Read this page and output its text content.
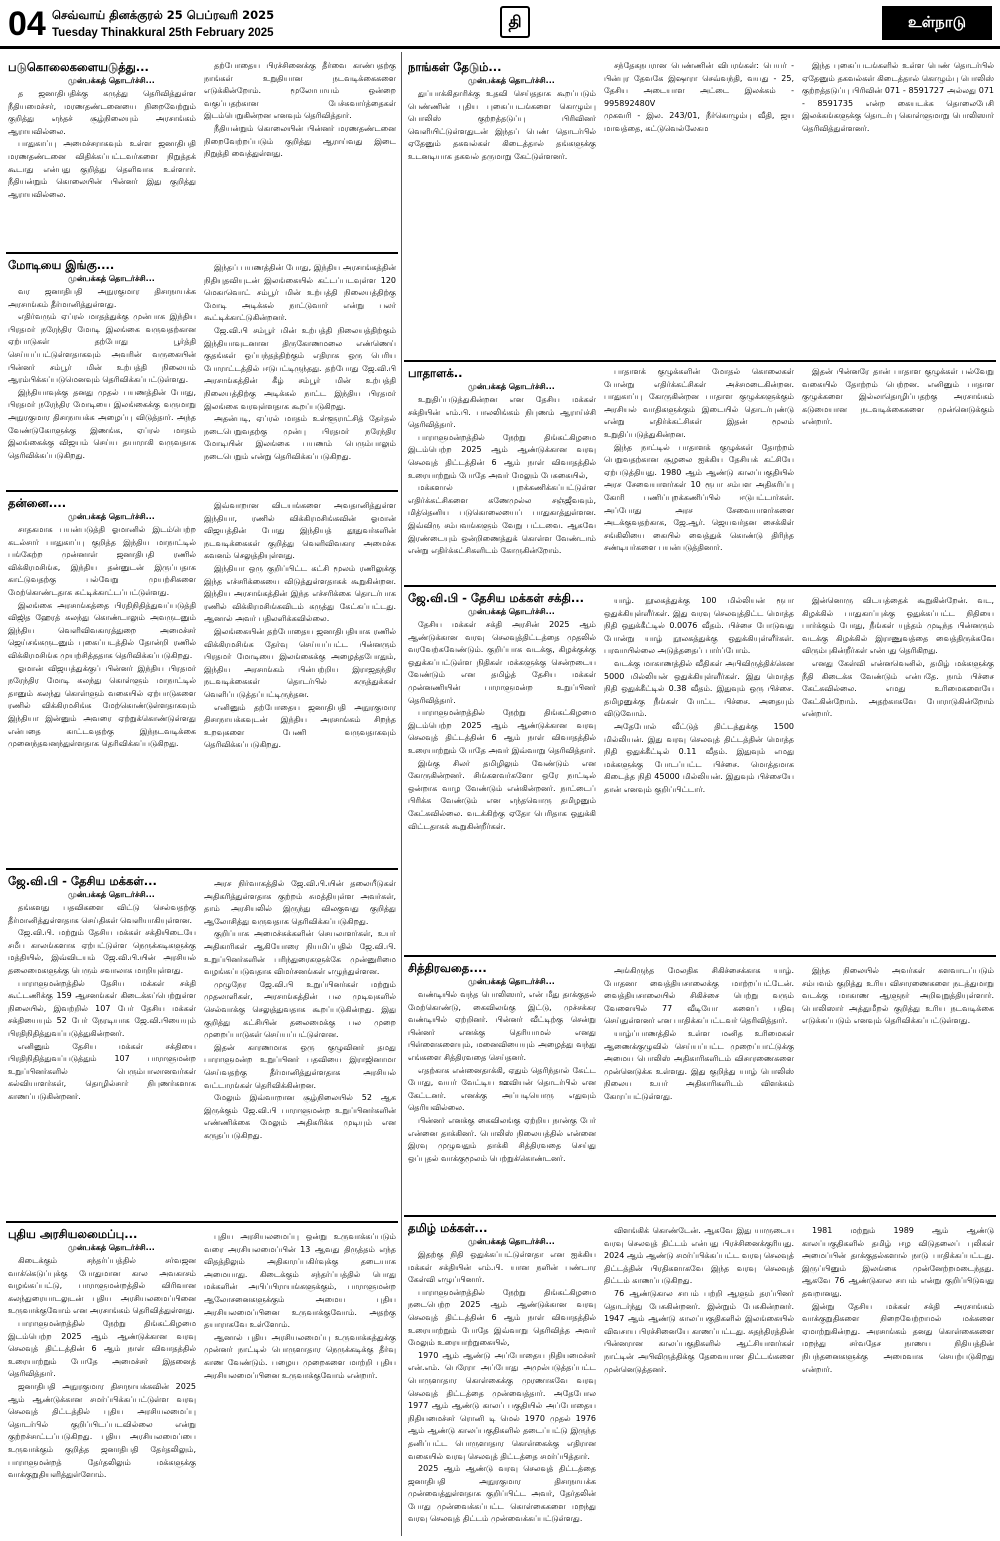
04 செவ்வாய் தினக்குரல் 25 பெப்ரவரி 2025
Tuesday Thinakkural 25th February 2025
தி	உள்நாடு
படுகொலைகளையடுத்து...
முன்பக்கத் தொடர்ச்சி...

த ஜனாதிபதிக்கு கருத்து தெரிவித்துள்ள நீதியமைச்சர், மரணதண்டனையை நிறைவேற்றும் குறித்து எந்தச் சூழ்நிலையும் அரசாங்கம் ஆராயவில்லை.

பாதுகாப்பு அமைச்சராகவும் உள்ள ஜனாதிபதி மரணதண்டனை விதிக்கப்பட்டவர்களை நிறுத்தக் கூடாது என்பது குறித்து தெளிவாக உள்ளார். நீதியன்றும் கொலையின் பின்னர் இது குறித்து ஆராயவில்லை.

தற்போதைய பிரச்சினைக்கு தீர்வை காண்பதற்கு நாங்கள் உறுதியான நடவடிக்கைகளை எடுக்கின்றோம். மூலோபாயம் ஒன்றை வகுப்பதற்கான பேச்சுவார்த்தைகள் இடம்பெறுகின்றன எனவும் தெரிவித்தார்.

நீதியன்றும் கொலையின் பின்னர் மரணதண்டனை நிறைவேற்றப்படும் குறித்து ஆராய்வது இடை நிறுத்தி வைத்துள்ளது.

மோடியை இங்கு....
முன்பக்கத் தொடர்ச்சி...

வர ஜனாதிபதி அநுரகுமார திசாநாயக்க அரசாங்கம் தீர்மானித்துள்ளது.

எதிர்வரும் ஏப்ரல் மாதத்துக்கு முன்பாக இந்திய பிரதமர் நரேந்திர மோடி இலங்கை வருவதற்கான ஏற்பாடுகள் தற்போது பூர்த்தி செய்யப்பட்டுள்ளதாகவும் அவரின் வருகையின் பின்னர் சம்பூர் மின் உற்பத்தி நிலையம் ஆரம்பிக்கப்படுமெனவும் தெரிவிக்கப்பட்டுள்ளது.

இந்தியாவுக்கு தனது முதல் பயணத்தின் போது, பிரதமர் நரேந்திர மோடியை இலங்கைக்கு வருமாறு அநுரகுமார திசாநாயக்க அழைப்பு விடுத்தார். அந்த வேண்டுகோளுக்கு இணங்க, ஏப்ரல் மாதம் இலங்கைக்கு விஜயம் செய்ய தயாராகி வருவதாக தெரிவிக்கப்படுகிறது.

இந்தப் பயணத்தின் போது, இந்திய அரசாங்கத்தின் நிதியுதவியுடன் இலங்கையில் கட்டப்படவுள்ள 120 மெகாவொட் சம்பூர் மின் உற்பத்தி நிலையத்திற்கு மோடி அடிக்கல் நாட்டுவார் என்று பலர் கூட்டிக்காட்டுகின்றனர்.

ஜே.வி.பி சம்பூர் மின் உற்பத்தி நிலையத்திற்கும் இந்தியாவுடனான திருகோணமலை எண்ணெய் குதங்கள் ஒப்பந்தத்திற்கும் எதிராக ஒரு பெரிய போராட்டத்தில் ஈடுபட்டிருந்தது. தற்போது ஜே.வி.பி அரசாங்கத்தின் கீழ் சம்பூர் மின் உற்பத்தி நிலையத்திற்கு அடிக்கல் நாட்ட இந்திய பிரதமர் இலங்கை வரவுள்ளதாக கூறப்படுகிறது.

அதன்படி, ஏப்ரல் மாதம் உள்ளூராட்சித் தேர்தல் நடைபெறுவதற்கு முன்பு பிரதமர் நரேந்திர மோடியின் இலங்கை பயணம் பெரும்பாலும் நடைபெறும் என்று தெரிவிக்கப்படுகிறது.

தன்னை....
முன்பக்கத் தொடர்ச்சி...

சாதகமாக பயன்படுத்தி ஓமானில் இடம்பெற்ற கடல்சார் பாதுகாப்பு குறித்த இந்திய மாநாட்டில் பங்கேற்ற முன்னாள் ஜனாதிபதி ரணில் விக்கிரமசிங்க, இந்திய தன்னுடன் இருப்பதாக காட்டுவதற்கு பல்வேறு முயற்சிகளை மேற்கொண்டதாக சுட்டிக்காட்டப்பட்டுள்ளது.

இலங்கை அரசாங்கத்தை பிரதிநிதித்துவப்படுத்தி விஜித ஹேரத் கலந்து கொண்டாலும் அவருடனும் இந்திய வெளிவிவகாரத்துறை அமைச்சர் ஜெய்சங்கருடனும் புகைப்படத்தில் தோன்றி ரணில் விக்கிரமசிங்க முயற்சித்ததாக தெரிவிக்கப்படுகிறது.

ஓமான் விஜயத்துக்குப் பின்னர் இந்திய பிரதமர் நரேந்திர மோடி கலந்து கொள்ளும் மாநாட்டில் தானும் கலந்து கொள்ளும் வகையில் ஏற்பாடுகளை ரணில் விக்கிரமசிங்க மேற்கொண்டுள்ளதாகவும் இந்தியா இன்னும் அவரை ஏற்றுக்கொண்டுள்ளது என்பதை காட்டவதற்கு இந்நடவடிக்கை முனைந்தவனந்துள்ளதாக தெரிவிக்கப்படுகிறது.

இவ்வாறான விடயங்களை அவதானித்துள்ள இந்தியா, ரணில் விக்கிரமசிங்கவின் ஓமான் விஜயத்தின் போது இந்தியத் தூதுவர்களின் நடவடிக்கைகள் குறித்து வெளிவிவகார அமைச்சு கவனம் செலுத்தியுள்ளது.

இந்தியா ஒரு குறிப்பிட்ட கட்சி மூலம் ரணிலுக்கு இந்த எச்சரிக்கையை விடுத்துள்ளதாகக் கூறுகின்றன. இந்திய அரசாங்கத்தின் இந்த எச்சரிக்கை தொடர்பாக ரணில் விக்கிரமசிங்கவிடம் கருத்து கேட்கப்பட்டது. ஆனால் அவர் பதிலளிக்கவில்லை.

இலங்கையின் தற்போதைய ஜனாதிபதியாக ரணில் விக்கிரமசிங்க தேர்வு செய்யப்பட்ட பின்னரும் பிரதமர் மோடியை இலங்கைக்கு அழைத்தபோதும், இந்திய அரசாங்கம் பின்பற்றிய இராஜதந்திர நடவடிக்கைகள் தொடர்பில் கருத்துக்கள் வெளிப்படுத்தப்பட்டிருந்தன.

எனினும் தற்போதைய ஜனாதிபதி அநுரகுமார திசாநாயக்கவுடன் இந்திய அரசாங்கம் சிறந்த உறவுகளை பேணி வருவதாகவும் தெரிவிக்கப்படுகிறது.

ஜே.வி.பி - தேசிய மக்கள்...
முன்பக்கத் தொடர்ச்சி...

தங்களது பதவிகளை விட்டு செல்வதற்கு தீர்மானித்துள்ளதாக செய்திகள் வெளியாகியுள்ளன.

ஜே.வி.பி. மற்றும் தேசிய மக்கள் சக்தியிடையே சமீப காலங்களாக ஏற்பட்டுள்ள நெருக்கடிகளுக்கு மத்தியில், இவ்விடயம் ஜே.வி.பி.யின் அரசியல் தலைமைகளுக்கு பெரும் சவாலாக மாறியுள்ளது.

பாராளுமன்றத்தில் தேசிய மக்கள் சக்தி கூட்டணிக்கு 159 ஆசனங்கள் கிடைக்கப்பெற்றுள்ள நிலையில், இவற்றில் 107 பேர் தேசிய மக்கள் சக்தியையும் 52 பேர் நேரடியாக ஜே.வி.பியையும் பிரதிநிதித்துவப்படுத்துகின்றனர்.

எனினும் தேசிய மக்கள் சக்தியை பிரதிநிதித்துவப்படுத்தும் 107 பாராளுமன்ற உறுப்பினர்களில் பெரும்பாலானவர்கள் கல்வியாளர்கள், தொழில்சார் நிபுணர்களாக காணப்படுகின்றனர்.

அரச நிர்வாகத்தில் ஜே.வி.பி.யின் தலையீடுகள் அதிகரித்துள்ளதாக குற்றம் சுமத்தியுள்ள அவர்கள், தாம் அரசியலில் இருந்து விலகுவது குறித்து ஆலோசித்து வருவதாக தெரிவிக்கப்படுகிறது.

குறிப்பாக அமைச்சுக்களின் செயலாளர்கள், உயர் அதிகாரிகள் ஆகியோரை நியமிப்பதில் ஜே.வி.பி. உறுப்பினர்களின் பரிந்துரைகளுக்கே முன்னுரிமை வழங்கப்படுவதாக விமர்சனங்கள் எழுந்துள்ளன.

முழுநேர ஜே.வி.பி உறுப்பினர்கள் மற்றும் முதலாளிகள், அரசாங்கத்தின் பல முடிவுகளில் செல்வாக்கு செலுத்துவதாக கூறப்படுகின்றது. இது குறித்து கட்சியின் தலைமைக்கு பல முறை முறைப்பாடுகள் செய்யப்பட்டுள்ளன.

இதன் காரணமாக ஒரு குழுவினர் தமது பாராளுமன்ற உறுப்பினர் பதவியை இராஜினாமா செய்வதற்கு தீர்மானித்துள்ளதாக அரசியல் வட்டாரங்கள் தெரிவிக்கின்றன.

மேலும் இவ்வாறான சூழ்நிலையில் 52 ஆக இருக்கும் ஜே.வி.பி பாராளுமன்ற உறுப்பினர்களின் எண்ணிக்கை மேலும் அதிகரிக்க முடியும் என கருதப்படுகிறது.

புதிய அரசியலமைப்பு...
முன்பக்கத் தொடர்ச்சி...

கிடைக்கும் சந்தர்ப்பத்தில் சர்வஜன வாக்கெடுப்புக்கு போதுமான கால அவகாசம் வழங்கப்பட்டு, பாராளுமன்றத்தில் விரிவான கலந்துரையாடலுடன் புதிய அரசியலமைப்பினை உருவாக்குவோம் என அரசாங்கம் தெரிவித்துள்ளது.

பாராளுமன்றத்தில் நேற்று திங்கட்கிழமை இடம்பெற்ற 2025 ஆம் ஆண்டுக்கான வரவு செலவுத் திட்டத்தின் 6 ஆம் நாள் விவாதத்தில் உரையாற்றும் போதே அமைச்சர் இதனைத் தெரிவித்தார்.

ஜனாதிபதி அநுரகுமார திசாநாயக்கவின் 2025 ஆம் ஆண்டுக்கான சமர்ப்பிக்கப்பட்டுள்ள வரவு செலவுத் திட்டத்தில் புதிய அரசியலமைப்பு தொடர்பில் குறிப்பிடப்படவில்லை என்று குற்றச்சாட்டப்படுகிறது. புதிய அரசியலமைப்பை உருவாக்கும் குறித்த ஜனாதிபதி தேர்தலிலும், பாராளுமன்றத் தேர்தலிலும் மக்களுக்கு வாக்குறுதியளித்துள்ளோம்.

புதிய அரசியலமைப்பு ஒன்று உருவாக்கப்படும் வரை அரசியலமைப்பின் 13 ஆவது திருத்தம் எந்த விதத்திலும் அதிகாரப்பகிர்வுக்கு தடையாக அமையாது. கிடைக்கும் சந்தர்ப்பத்தில் பொது மக்களின் அபிப்பிராயங்களுக்கும், பாராளுமன்ற ஆலோசனைகளுக்கும் அமைய புதிய அரசியலமைப்பினை உருவாக்குவோம். அதற்கு தயாராகவே உள்ளோம்.

ஆனால் புதிய அரசியலமைப்பு உருவாக்கத்துக்கு முன்னர் நாட்டில் பொருளாதார நெருக்கடிக்கு தீர்வு காண வேண்டும். பழைய முறைகளை மாற்றி புதிய அரசியலமைப்பினை உருவாக்குவோம் என்றார்.

நாங்கள் தேடும்...
முன்பக்கத் தொடர்ச்சி...

துப்பாக்கிதாரிக்கு உதவி செய்ததாக கூறப்படும் பெண்ணின் புதிய புகைப்படங்களை கொழும்பு பொலிஸ் குற்றத்தடுப்பு பிரிவினர் வெளியிட்டுள்ளதுடன் இந்தப் பெண் தொடர்பில் ஏதேனும் தகவல்கள் கிடைத்தால் தங்களுக்கு உடனடியாக தகவல் தருமாறு கேட்டுள்ளனர்.

சந்தேகநபரான பெண்ணின் விபரங்கள்: பெயர் - பின்புர தேவகே இஷாரா செவ்வந்தி, வயது - 25, தேசிய அடையாள அட்டை இலக்கம் - 995892480V

முகவரி - இல. 243/01, நீர்கொழும்பு வீதி, ஜய மாவத்தை, கட்டுவெல்லேகம

இந்த புகைப்படங்களில் உள்ள பெண் தொடர்பில் ஏதேனும் தகவல்கள் கிடைத்தால் கொழும்பு பொலிஸ் குற்றத்தடுப்பு பிரிவின் 071 - 8591727 அல்லது 071 - 8591735 என்ற கையடக்க தொலைபேசி இலக்கங்களுக்கு தொடர்பு கொள்ளுமாறு பொலிஸார் தெரிவித்துள்ளனர்.

பாதாளக்..
முன்பக்கத் தொடர்ச்சி...

உறுதிப்படுத்துகின்றன என தேசிய மக்கள் சக்தியின் எம்.பி. பாலலிங்கம் நிபுணம் ஆராய்ச்சி தெரிவித்தார்.

பாராளுமன்றத்தில் நேற்று திங்கட்கிழமை இடம்பெற்ற 2025 ஆம் ஆண்டுக்கான வரவு செலவுத் திட்டத்தின் 6 ஆம் நாள் விவாதத்தில் உரையாற்றும் போதே அவர் மேலும் பேசுகையில்,

மக்களால் புறக்கணிக்கப்பட்டுள்ள எதிர்க்கட்சிகளை கணேமுல்ல சஞ்ஜீவவும், மித்தெனிய படுகொலையைப் பாதுகாத்துள்ளன. இவ்விரு சம்பவங்களும் வேறு பட்டவை. ஆகவே இரண்டையும் ஒன்றிணைத்துக் கொள்ள வேண்டாம் என்று எதிர்க்கட்சிகளிடம் கோருகின்றோம்.

பாதாளக் குழுக்களின் மோதல் கொலைகள் போன்று எதிர்க்கட்சிகள் அச்சமடைகின்றன. பாதுகாப்பு கோருகின்றன பாதாள குழுக்களுக்கும் அரசியல் வாதிகளுக்கும் இடையில் தொடர்புண்டு என்று எதிர்க்கட்சிகள் இதன் மூலம் உறுதிப்படுத்துகின்றன.

இந்த நாட்டில் பாதாளக் குழுக்கள் தோற்றம் பெறுவதற்கான சூழலை ஐக்கிய தேசியக் கட்சியே ஏற்படுத்தியது. 1980 ஆம் ஆண்டு காலப்பகுதியில் அரச சேவையாளர்கள் 10 ரூபா சம்பள அதிகரிப்பு கோரி பணிப்புறக்கணிப்பில் ஈடுபட்டார்கள். அப்போது அரச சேவையாளர்களை அடக்குவதற்காக, ஜே.ஆர். ஜெயவர்தன சைக்கிள் சங்கிலியை கையில் வைத்துக் கொண்டு திரிந்த சண்டியர்களை பயன்படுத்தினார்.

இதன் பின்னரே தான் பாதாள குழுக்கள் பல்வேறு வகையில் தோற்றம் பெற்றன. எனினும் பாதாள குழுக்களை இல்லாதொழிப்பதற்கு அரசாங்கம் கடுமையான நடவடிக்கைகளை முன்னெடுக்கும் என்றார்.

ஜே.வி.பி - தேசிய மக்கள் சக்தி...
முன்பக்கத் தொடர்ச்சி...

தேசிய மக்கள் சக்தி அரசின் 2025 ஆம் ஆண்டுக்கான வரவு செலவுத்திட்டத்தை முதலில் வரவேற்கவேண்டும். குறிப்பாக வடக்கு, கிழக்குக்கு ஒதுக்கப்பட்டுள்ள நிதிகள் மக்களுக்கு சென்றடைய வேண்டும் என தமிழ்த் தேசிய மக்கள் முன்னணியின் பாராளுமன்ற உறுப்பினர் தெரிவித்தார்.

பாராளுமன்றத்தில் நேற்று திங்கட்கிழமை இடம்பெற்ற 2025 ஆம் ஆண்டுக்கான வரவு செலவுத் திட்டத்தின் 6 ஆம் நாள் விவாதத்தில் உரையாற்றும் போதே அவர் இவ்வாறு தெரிவித்தார்.

இங்கு சிலர் தமிழிலும் வேண்டும் என கோருகின்றனர். சிங்களவர்களோ ஒரே நாட்டில் ஒன்றாக வாழ வேண்டும் என்கின்றனர். நாட்டைப் பிரிக்க வேண்டும் என எந்தவொரு தமிழனும் கேட்கவில்லை. வடக்கிற்கு ஏதோ பெரிதாக ஒதுக்கி விட்டதாகக் கூறுகின்றீர்கள்.

யாழ். நூலகத்துக்கு 100 மில்லியன் ரூபா ஒதுக்கியுள்ளீர்கள். இது வரவு செலவுத்திட்ட மொத்த நிதி ஒதுக்கீட்டில் 0.0076 வீதம். பிச்சை போடுவது போன்று யாழ் நூலகத்துக்கு ஒதுக்கியுள்ளீர்கள். பரவாயில்லை அடுத்ததைப் பார்ப்போம்.

வடக்கு மாகாணத்தில் வீதிகள் அபிவிருத்திக்கென 5000 மில்லியன் ஒதுக்கியுள்ளீர்கள். இது மொத்த நிதி ஒதுக்கீட்டில் 0.38 வீதம். இதுவும் ஒரு பிச்சை. தமிழனுக்கு நீங்கள் போட்ட பிச்சை. அதையும் விடுவோம்.

அதேபோல் வீட்டுத் திட்டத்துக்கு 1500 மில்லியன். இது வரவு செலவுத் திட்டத்தின் மொத்த நிதி ஒதுக்கீட்டில் 0.11 வீதம். இதுவும் எமது மக்களுக்கு போடப்பட்ட பிச்சை. மொத்தமாக கிடைத்த நிதி 45000 மில்லியன். இதுவும் பிச்சையே தான் எனவும் குறிப்பிட்டார்.

இன்னொரு விடயத்தைக் கூறுகின்றேன். வட, கிழக்கில் பாதுகாப்புக்கு ஒதுக்கப்பட்ட நிதியை பார்க்கும் போது, நீங்கள் யுத்தம் முடிந்த பின்னரும் வடக்கு கிழக்கில் இராணுவத்தை வைத்திருக்கவே விரும்புகின்றீர்கள் என்பது தெரிகிறது.

எனது கேள்வி என்னவெனில், தமிழ் மக்களுக்கு நீதி கிடைக்க வேண்டும் என்பதே. நாம் பிச்சை கேட்கவில்லை. எமது உரிமைகளையே கேட்கின்றோம். அதற்காகவே போராடுகின்றோம் என்றார்.

சித்திரவதை....
முன்பக்கத் தொடர்ச்சி...

வண்டியில் வந்த பொலிஸார், என் மீது தாக்குதல் மேற்கொண்டு, கைவிலங்கு இட்டு, முச்சக்கர வண்டியில் ஏற்றினர். பின்னர் வீட்டிற்கு சென்று பின்னர் எனக்கு தெரியாமல் எனது பிள்ளைகளையும், மனைவியையும் அழைத்து வந்து எங்களை சித்திரவதை செய்தனர்.

எதற்காக என்னைதாக்கி, ஏதும் தெரிந்தால் கேட்ட போது, வயர் வேட்டிய ஊவியன் தொடர்பில் என கேட்டனர். எனக்கு அப்படியொரு எதுவும் தெரியவில்லை.

பின்னர் எனக்கு கைவிலங்கு ஏற்றிய நான்கு பேர் என்னை தாக்கினர். பொலிஸ் நிலையத்தில் என்னை இரவு முழுவதும் தாக்கி சித்திரவதை செய்து ஒப்புதல் வாக்குமூலம் பெற்றுக்கொண்டனர்.

அங்கிருந்த மேலதிக சிகிச்சைக்காக யாழ். போதனா வைத்தியசாலைக்கு மாற்றப்பட்டேன். வைத்தியசாலையில் சிகிச்சை பெற்று வரும் வேளையில் 77 வீடியோ களைப் பதிவு செய்துள்ளனர் என பாதிக்கப்பட்டவர் தெரிவித்தார்.

யாழ்ப்பாணத்தில் உள்ள மனித உரிமைகள் ஆணைக்குழுவில் செய்யப்பட்ட முறைப்பாட்டுக்கு அமைய பொலிஸ் அதிகாரிகளிடம் விசாரணைகளை முன்னெடுக்க உள்ளது. இது குறித்து யாழ் பொலிஸ் நிலைய உயர் அதிகாரிகளிடம் விளக்கம் கோரப்பட்டுள்ளது.

இந்த நிலையில் அவர்கள் களவாடப்படும் சம்பவம் குறித்து உரிய விசாரணைகளை நடத்துமாறு வடக்கு மாகாண ஆளுநர் அறிவுறுத்தியுள்ளார். பொலிஸார் அத்துமீறல் குறித்து உரிய நடவடிக்கை எடுக்கப்படும் எனவும் தெரிவிக்கப்பட்டுள்ளது.

தமிழ் மக்கள்...
முன்பக்கத் தொடர்ச்சி...

இதற்கு நிதி ஒதுக்கப்பட்டுள்ளதா என ஐக்கிய மக்கள் சக்தியின் எம்.பி. யான நளின் பண்டார கேள்வி எழுப்பினார்.

பாராளுமன்றத்தில் நேற்று திங்கட்கிழமை நடைபெற்ற 2025 ஆம் ஆண்டுக்கான வரவு செலவுத் திட்டத்தின் 6 ஆம் நாள் விவாதத்தில் உரையாற்றும் போதே இவ்வாறு தெரிவித்த அவர் மேலும் உரையாற்றுகையில்,

1970 ஆம் ஆண்டு அப்போதைய நிதியமைச்சர் என்.எம். பெரேரா அப்போது அமுல்படுத்தப்பட்ட பொருளாதார கொள்கைக்கு முரணாகவே வரவு செலவுத் திட்டத்தை முன்வைத்தார். அதேபோல 1977 ஆம் ஆண்டு காலப் பகுதியில் அப்போதைய நிதியமைச்சர் ரொனி டி மெல் 1970 முதல் 1976 ஆம் ஆண்டு காலப்பகுதிகளில் தடைப்பட்டு இருந்த தனிப்பட்ட பொருளாதார கொள்கைக்கு எதிரான வகையில் வரவு செலவுத் திட்டத்தை சமர்ப்பித்தார்.

2025 ஆம் ஆண்டு வரவு செலவுத் திட்டத்தை ஜனாதிபதி அநுரகுமார திசாநாயக்க முன்வைத்துள்ளதாக குறிப்பிட்ட அவர், தேர்தலின் போது முன்வைக்கப்பட்ட கொள்கைகளை மறந்து வரவு செலவுத் திட்டம் முன்வைக்கப்பட்டுள்ளது.

விளங்கிக் கொண்டேன். ஆகவே இது யாருடைய வரவு செலவுத் திட்டம் என்பது பிரச்சினைக்குரியது. 2024 ஆம் ஆண்டு சமர்ப்பிக்கப்பட்ட வரவு செலவுத் திட்டத்தின் பிரதிகளாகவே இந்த வரவு செலவுத் திட்டம் காணப்படுகிறது.

76 ஆண்டுகால சாபம் பற்றி ஆளும் தரப்பினர் தொடர்ந்து பேசுகின்றனர். இன்றும் பேசுகின்றனர். 1947 ஆம் ஆண்டு காலப்பகுதிகளில் இலங்கையில் விவசாய பிரச்சினையே காணப்பட்டது. சுதந்திரத்தின் பின்னரான காலப்பகுதிகளில் ஆட்சியாளர்கள் நாட்டின் அபிவிருத்திக்கு தேவையான திட்டங்களை முன்னெடுத்தனர்.

1981 மற்றும் 1989 ஆம் ஆண்டு காலப்பகுதிகளில் தமிழ் ஈழ விடுதலைப் புலிகள் அமைப்பின் தாக்குதல்களால் நாடு பாதிக்கப்பட்டது. இருப்பினும் இலங்கை முன்னேற்றமடைந்தது. ஆகவே 76 ஆண்டுகால சாபம் என்று குறிப்பிடுவது தவறானது.

இன்று தேசிய மக்கள் சக்தி அரசாங்கம் வாக்குறுதிகளை நிறைவேற்றாமல் மக்களை ஏமாற்றுகின்றது. அரசாங்கம் தனது கொள்கைகளை மறந்து சர்வதேச நாணய நிதியத்தின் நிபந்தனைகளுக்கு அமைவாக செயற்படுகிறது என்றார்.
